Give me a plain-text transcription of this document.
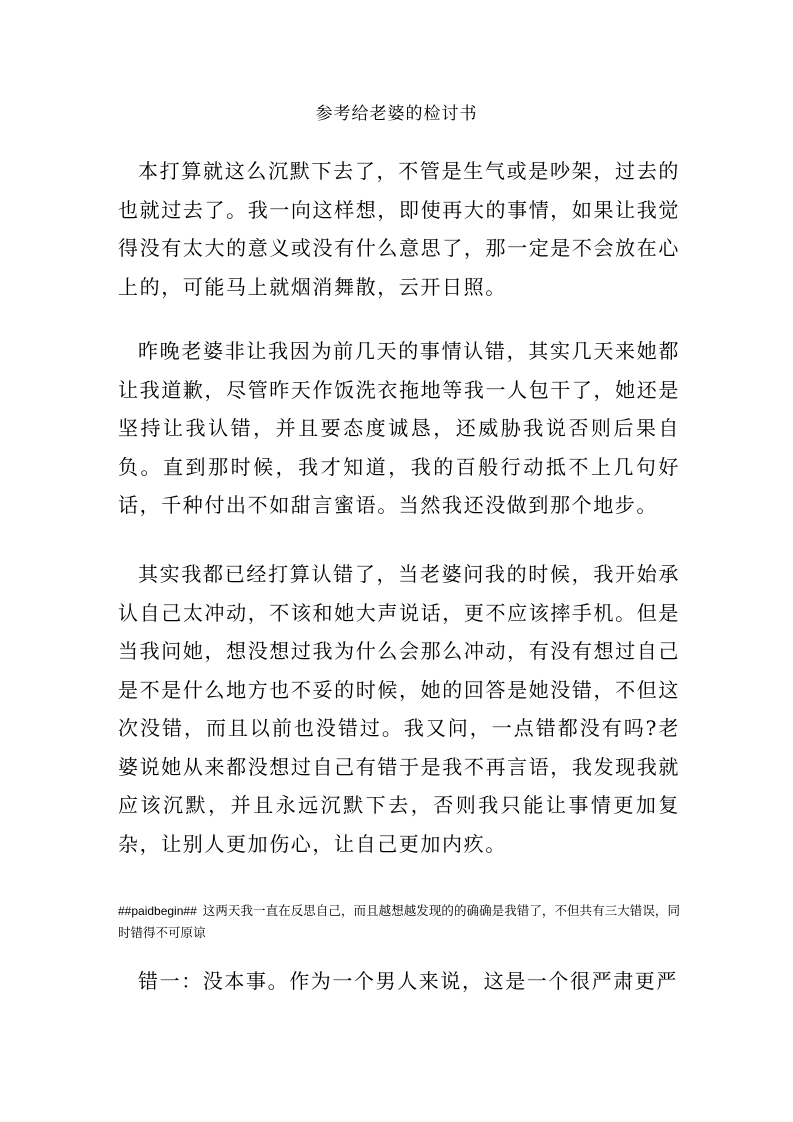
参考给老婆的检讨书

本打算就这么沉默下去了，不管是生气或是吵架，过去的也就过去了。我一向这样想，即使再大的事情，如果让我觉得没有太大的意义或没有什么意思了，那一定是不会放在心上的，可能马上就烟消舞散，云开日照。

昨晚老婆非让我因为前几天的事情认错，其实几天来她都让我道歉，尽管昨天作饭洗衣拖地等我一人包干了，她还是坚持让我认错，并且要态度诚恳，还威胁我说否则后果自负。直到那时候，我才知道，我的百般行动抵不上几句好话，千种付出不如甜言蜜语。当然我还没做到那个地步。

其实我都已经打算认错了，当老婆问我的时候，我开始承认自己太冲动，不该和她大声说话，更不应该摔手机。但是当我问她，想没想过我为什么会那么冲动，有没有想过自己是不是什么地方也不妥的时候，她的回答是她没错，不但这次没错，而且以前也没错过。我又问，一点错都没有吗?老婆说她从来都没想过自己有错于是我不再言语，我发现我就应该沉默，并且永远沉默下去，否则我只能让事情更加复杂，让别人更加伤心，让自己更加内疚。

##paidbegin## 这两天我一直在反思自己，而且越想越发现的的确确是我错了，不但共有三大错误，同时错得不可原谅

错一：没本事。作为一个男人来说，这是一个很严肃更严
